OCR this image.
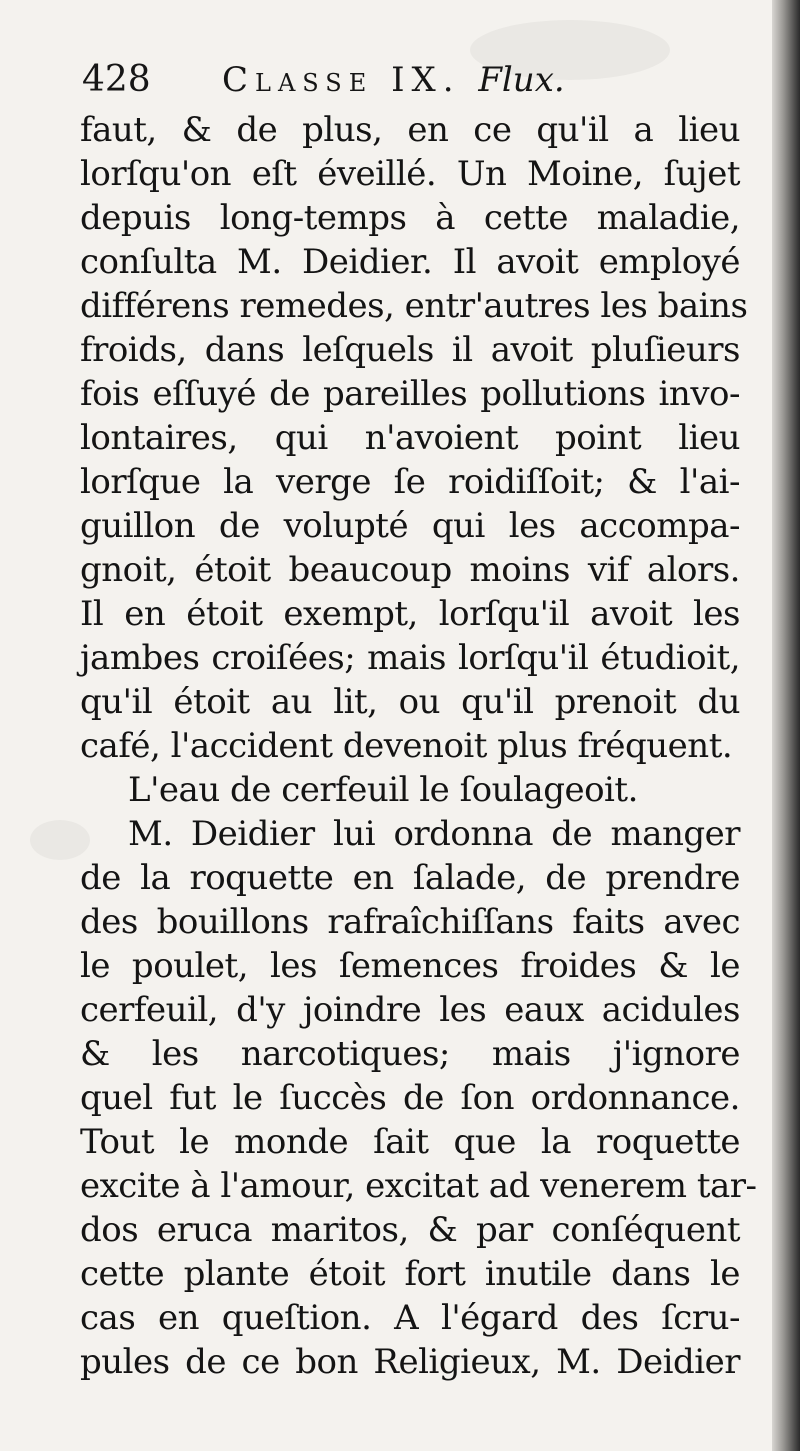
428 Classe IX. Flux.
faut, & de plus, en ce qu'il a lieu
lorſqu'on eſt éveillé. Un Moine, ſujet
depuis long-temps à cette maladie,
conſulta M. Deidier. Il avoit employé
différens remedes, entr'autres les bains
froids, dans leſquels il avoit pluſieurs
fois eſſuyé de pareilles pollutions invo-
lontaires, qui n'avoient point lieu
lorſque la verge ſe roidiſſoit; & l'ai-
guillon de volupté qui les accompa-
gnoit, étoit beaucoup moins vif alors.
Il en étoit exempt, lorſqu'il avoit les
jambes croiſées; mais lorſqu'il étudioit,
qu'il étoit au lit, ou qu'il prenoit du
café, l'accident devenoit plus fréquent.
L'eau de cerfeuil le ſoulageoit.
M. Deidier lui ordonna de manger
de la roquette en ſalade, de prendre
des bouillons rafraîchiſſans faits avec
le poulet, les ſemences froides & le
cerfeuil, d'y joindre les eaux acidules
& les narcotiques; mais j'ignore
quel fut le ſuccès de ſon ordonnance.
Tout le monde ſait que la roquette
excite à l'amour, excitat ad venerem tar-
dos eruca maritos, & par conſéquent
cette plante étoit fort inutile dans le
cas en queſtion. A l'égard des ſcru-
pules de ce bon Religieux, M. Deidier
